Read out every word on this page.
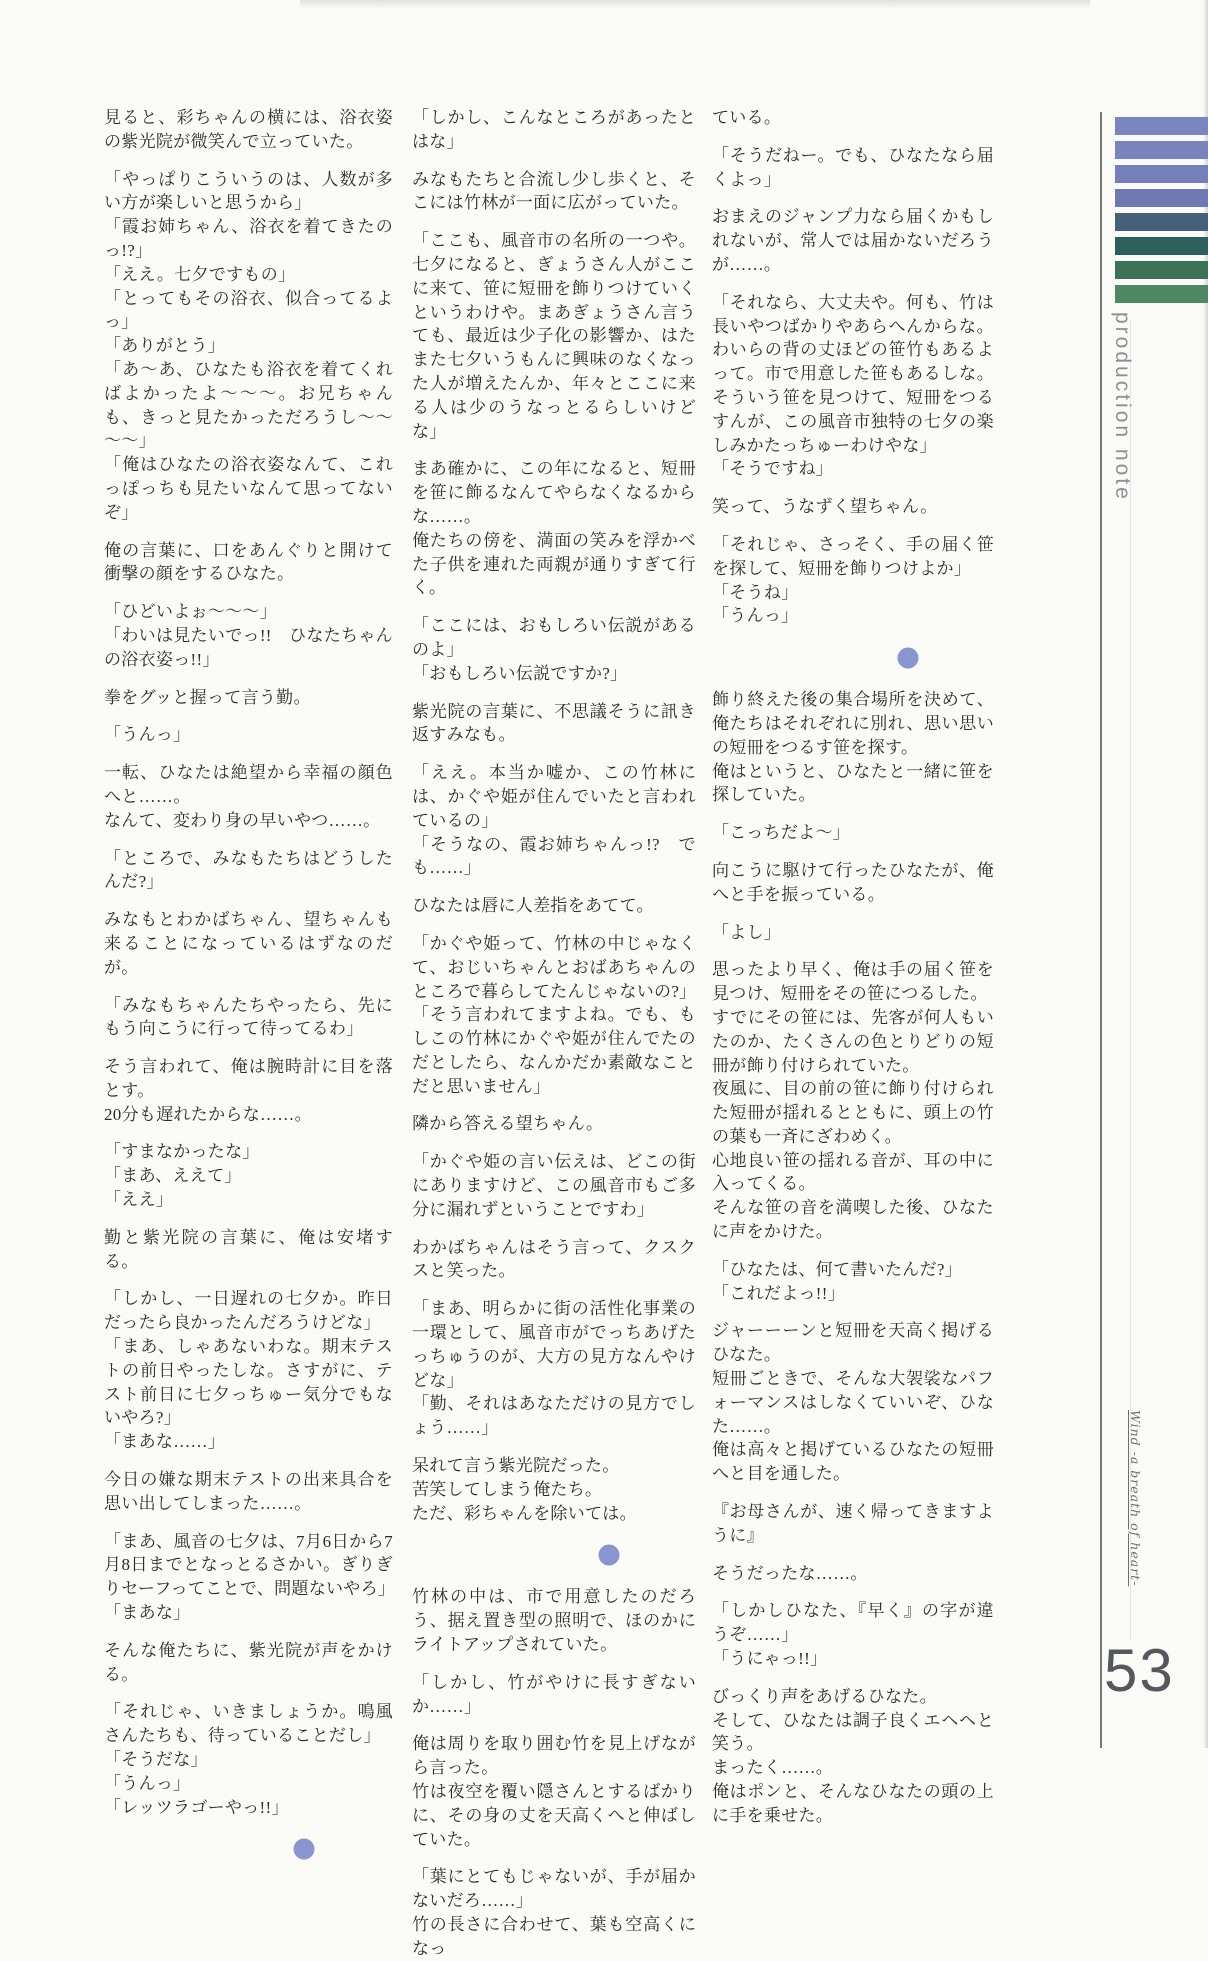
見ると、彩ちゃんの横には、浴衣姿の紫光院が微笑んで立っていた。

「やっぱりこういうのは、人数が多い方が楽しいと思うから」

「霞お姉ちゃん、浴衣を着てきたのっ!?」

「ええ。七夕ですもの」

「とってもその浴衣、似合ってるよっ」

「ありがとう」

「あ～あ、ひなたも浴衣を着てくればよかったよ～～～。お兄ちゃんも、きっと見たかっただろうし～～～～」

「俺はひなたの浴衣姿なんて、これっぽっちも見たいなんて思ってないぞ」

俺の言葉に、口をあんぐりと開けて衝撃の顔をするひなた。

「ひどいよぉ～～～」

「わいは見たいでっ!!　ひなたちゃんの浴衣姿っ!!」

拳をグッと握って言う勤。

「うんっ」

一転、ひなたは絶望から幸福の顔色へと……。

なんて、変わり身の早いやつ……。

「ところで、みなもたちはどうしたんだ?」

みなもとわかばちゃん、望ちゃんも来ることになっているはずなのだが。

「みなもちゃんたちやったら、先にもう向こうに行って待ってるわ」

そう言われて、俺は腕時計に目を落とす。

20分も遅れたからな……。

「すまなかったな」

「まあ、ええて」

「ええ」

勤と紫光院の言葉に、俺は安堵する。

「しかし、一日遅れの七夕か。昨日だったら良かったんだろうけどな」

「まあ、しゃあないわな。期末テストの前日やったしな。さすがに、テスト前日に七夕っちゅー気分でもないやろ?」

「まあな……」

今日の嫌な期末テストの出来具合を思い出してしまった……。

「まあ、風音の七夕は、7月6日から7月8日までとなっとるさかい。ぎりぎりセーフってことで、問題ないやろ」

「まあな」

そんな俺たちに、紫光院が声をかける。

「それじゃ、いきましょうか。鳴風さんたちも、待っていることだし」

「そうだな」

「うんっ」

「レッツラゴーやっ!!」

「しかし、こんなところがあったとはな」

みなもたちと合流し少し歩くと、そこには竹林が一面に広がっていた。

「ここも、風音市の名所の一つや。七夕になると、ぎょうさん人がここに来て、笹に短冊を飾りつけていくというわけや。まあぎょうさん言うても、最近は少子化の影響か、はたまた七夕いうもんに興味のなくなった人が増えたんか、年々とここに来る人は少のうなっとるらしいけどな」

まあ確かに、この年になると、短冊を笹に飾るなんてやらなくなるからな……。

俺たちの傍を、満面の笑みを浮かべた子供を連れた両親が通りすぎて行く。

「ここには、おもしろい伝説があるのよ」

「おもしろい伝説ですか?」

紫光院の言葉に、不思議そうに訊き返すみなも。

「ええ。本当か嘘か、この竹林には、かぐや姫が住んでいたと言われているの」

「そうなの、霞お姉ちゃんっ!?　でも……」

ひなたは唇に人差指をあてて。

「かぐや姫って、竹林の中じゃなくて、おじいちゃんとおばあちゃんのところで暮らしてたんじゃないの?」

「そう言われてますよね。でも、もしこの竹林にかぐや姫が住んでたのだとしたら、なんかだか素敵なことだと思いません」

隣から答える望ちゃん。

「かぐや姫の言い伝えは、どこの街にありますけど、この風音市もご多分に漏れずということですわ」

わかばちゃんはそう言って、クスクスと笑った。

「まあ、明らかに街の活性化事業の一環として、風音市がでっちあげたっちゅうのが、大方の見方なんやけどな」

「勤、それはあなただけの見方でしょう……」

呆れて言う紫光院だった。

苦笑してしまう俺たち。

ただ、彩ちゃんを除いては。

竹林の中は、市で用意したのだろう、据え置き型の照明で、ほのかにライトアップされていた。

「しかし、竹がやけに長すぎないか……」

俺は周りを取り囲む竹を見上げながら言った。

竹は夜空を覆い隠さんとするばかりに、その身の丈を天高くへと伸ばしていた。

「葉にとてもじゃないが、手が届かないだろ……」

竹の長さに合わせて、葉も空高くになっ

ている。

「そうだねー。でも、ひなたなら届くよっ」

おまえのジャンプ力なら届くかもしれないが、常人では届かないだろうが……。

「それなら、大丈夫や。何も、竹は長いやつばかりやあらへんからな。わいらの背の丈ほどの笹竹もあるよって。市で用意した笹もあるしな。そういう笹を見つけて、短冊をつるすんが、この風音市独特の七夕の楽しみかたっちゅーわけやな」

「そうですね」

笑って、うなずく望ちゃん。

「それじゃ、さっそく、手の届く笹を探して、短冊を飾りつけよか」

「そうね」

「うんっ」

飾り終えた後の集合場所を決めて、俺たちはそれぞれに別れ、思い思いの短冊をつるす笹を探す。

俺はというと、ひなたと一緒に笹を探していた。

「こっちだよ～」

向こうに駆けて行ったひなたが、俺へと手を振っている。

「よし」

思ったより早く、俺は手の届く笹を見つけ、短冊をその笹につるした。

すでにその笹には、先客が何人もいたのか、たくさんの色とりどりの短冊が飾り付けられていた。

夜風に、目の前の笹に飾り付けられた短冊が揺れるとともに、頭上の竹の葉も一斉にざわめく。

心地良い笹の揺れる音が、耳の中に入ってくる。

そんな笹の音を満喫した後、ひなたに声をかけた。

「ひなたは、何て書いたんだ?」

「これだよっ!!」

ジャーーーンと短冊を天高く掲げるひなた。

短冊ごときで、そんな大袈裟なパフォーマンスはしなくていいぞ、ひなた……。

俺は高々と掲げているひなたの短冊へと目を通した。

『お母さんが、速く帰ってきますように』

そうだったな……。

「しかしひなた、『早く』の字が違うぞ……」

「うにゃっ!!」

びっくり声をあげるひなた。

そして、ひなたは調子良くエヘヘと笑う。

まったく……。

俺はポンと、そんなひなたの頭の上に手を乗せた。

production note
Wind -a breath of heart-
53
